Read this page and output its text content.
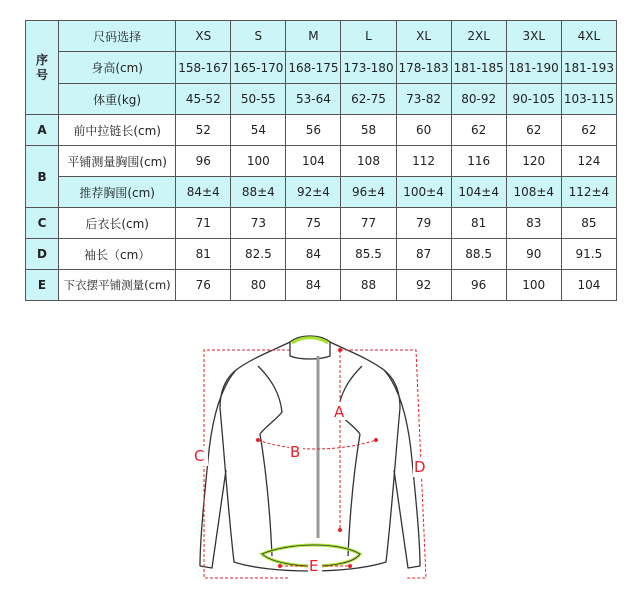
序号	尺码选择	XS	S	M	L	XL	2XL	3XL	4XL
	身高(cm)	158-167	165-170	168-175	173-180	178-183	181-185	181-190	181-193
	体重(kg)	45-52	50-55	53-64	62-75	73-82	80-92	90-105	103-115
A	前中拉链长(cm)	52	54	56	58	60	62	62	62
B	平铺测量胸围(cm)	96	100	104	108	112	116	120	124
	推荐胸围(cm)	84±4	88±4	92±4	96±4	100±4	104±4	108±4	112±4
C	后衣长(cm)	71	73	75	77	79	81	83	85
D	袖长（cm）	81	82.5	84	85.5	87	88.5	90	91.5
E	下衣摆平铺测量(cm)	76	80	84	88	92	96	100	104
A
B
C
D
E
